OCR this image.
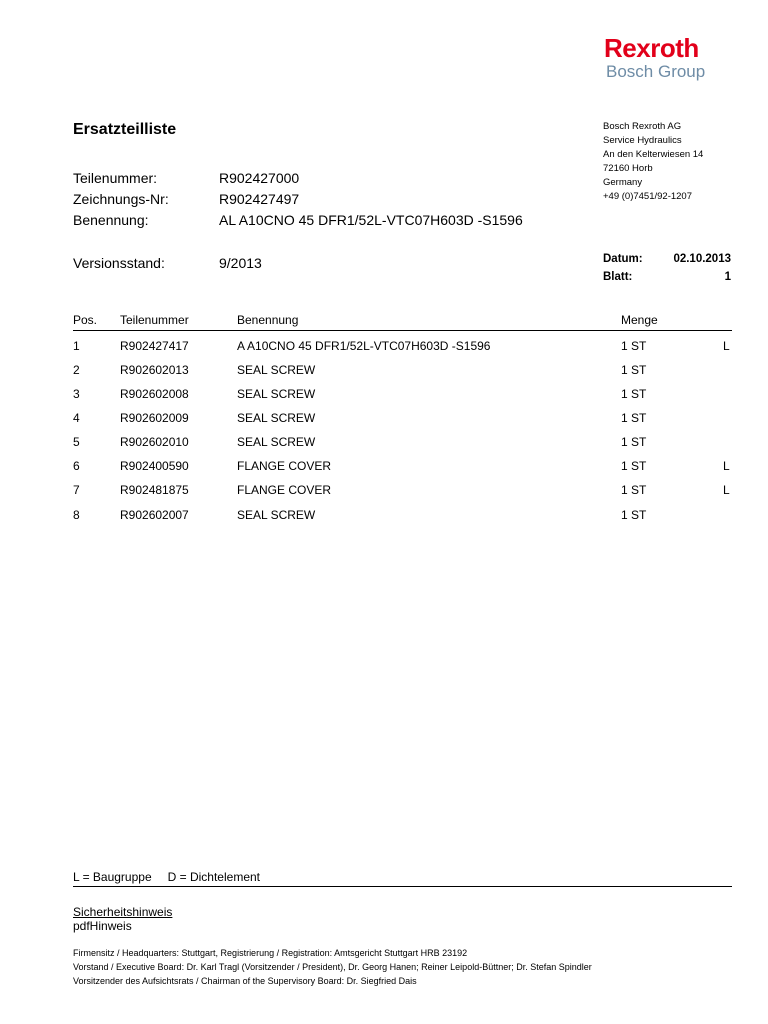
Rexroth
Bosch Group
Ersatzteilliste	Bosch Rexroth AG
Service Hydraulics
An den Kelterwiesen 14
72160 Horb
Germany
+49 (0)7451/92-1207
Teilenummer:	R902427000
Zeichnungs-Nr:	R902427497
Benennung:	AL A10CNO 45 DFR1/52L-VTC07H603D -S1596
Versionsstand:	9/2013	Datum:	02.10.2013
Blatt:	1
Pos. Teilenummer	Benennung	Menge
1	R902427417	A A10CNO 45 DFR1/52L-VTC07H603D -S1596	1 ST	L
2	R902602013	SEAL SCREW	1 ST
3	R902602008	SEAL SCREW	1 ST
4	R902602009	SEAL SCREW	1 ST
5	R902602010	SEAL SCREW	1 ST
6	R902400590	FLANGE COVER	1 ST	L
7	R902481875	FLANGE COVER	1 ST	L
8	R902602007	SEAL SCREW	1 ST
L = Baugruppe D = Dichtelement
Sicherheitshinweis
pdfHinweis
Firmensitz / Headquarters: Stuttgart, Registrierung / Registration: Amtsgericht Stuttgart HRB 23192
Vorstand / Executive Board: Dr. Karl Tragl (Vorsitzender / President), Dr. Georg Hanen; Reiner Leipold-Büttner; Dr. Stefan Spindler
Vorsitzender des Aufsichtsrats / Chairman of the Supervisory Board: Dr. Siegfried Dais
